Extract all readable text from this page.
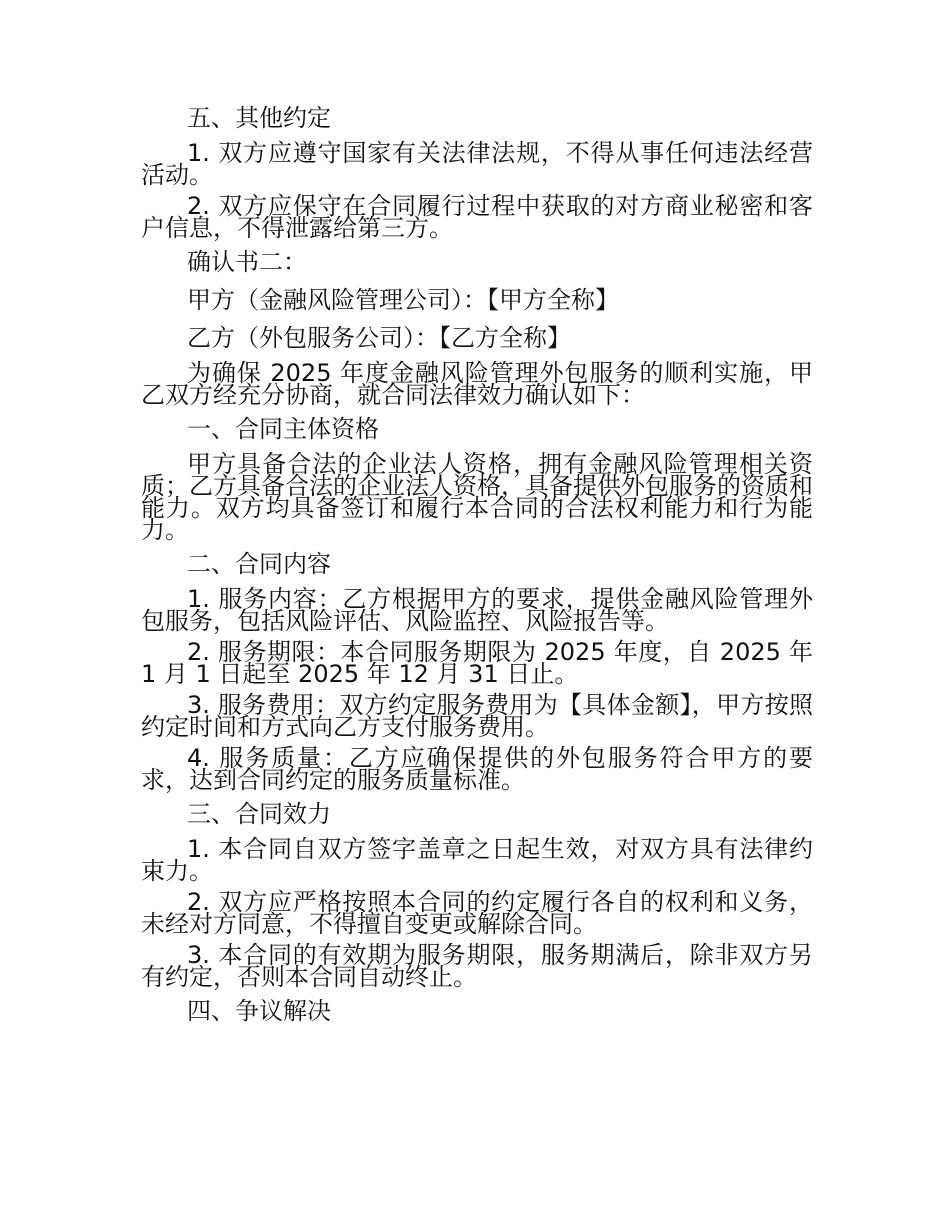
五、其他约定

1. 双方应遵守国家有关法律法规，不得从事任何违法经营活动。

2. 双方应保守在合同履行过程中获取的对方商业秘密和客户信息，不得泄露给第三方。

确认书二：

甲方（金融风险管理公司）：【甲方全称】

乙方（外包服务公司）：【乙方全称】

为确保 2025 年度金融风险管理外包服务的顺利实施，甲乙双方经充分协商，就合同法律效力确认如下：

一、合同主体资格

甲方具备合法的企业法人资格，拥有金融风险管理相关资质；乙方具备合法的企业法人资格，具备提供外包服务的资质和能力。双方均具备签订和履行本合同的合法权利能力和行为能力。

二、合同内容

1. 服务内容：乙方根据甲方的要求，提供金融风险管理外包服务，包括风险评估、风险监控、风险报告等。

2. 服务期限：本合同服务期限为 2025 年度，自 2025 年 1 月 1 日起至 2025 年 12 月 31 日止。

3. 服务费用：双方约定服务费用为【具体金额】，甲方按照约定时间和方式向乙方支付服务费用。

4. 服务质量：乙方应确保提供的外包服务符合甲方的要求，达到合同约定的服务质量标准。

三、合同效力

1. 本合同自双方签字盖章之日起生效，对双方具有法律约束力。

2. 双方应严格按照本合同的约定履行各自的权利和义务，未经对方同意，不得擅自变更或解除合同。

3. 本合同的有效期为服务期限，服务期满后，除非双方另有约定，否则本合同自动终止。

四、争议解决
